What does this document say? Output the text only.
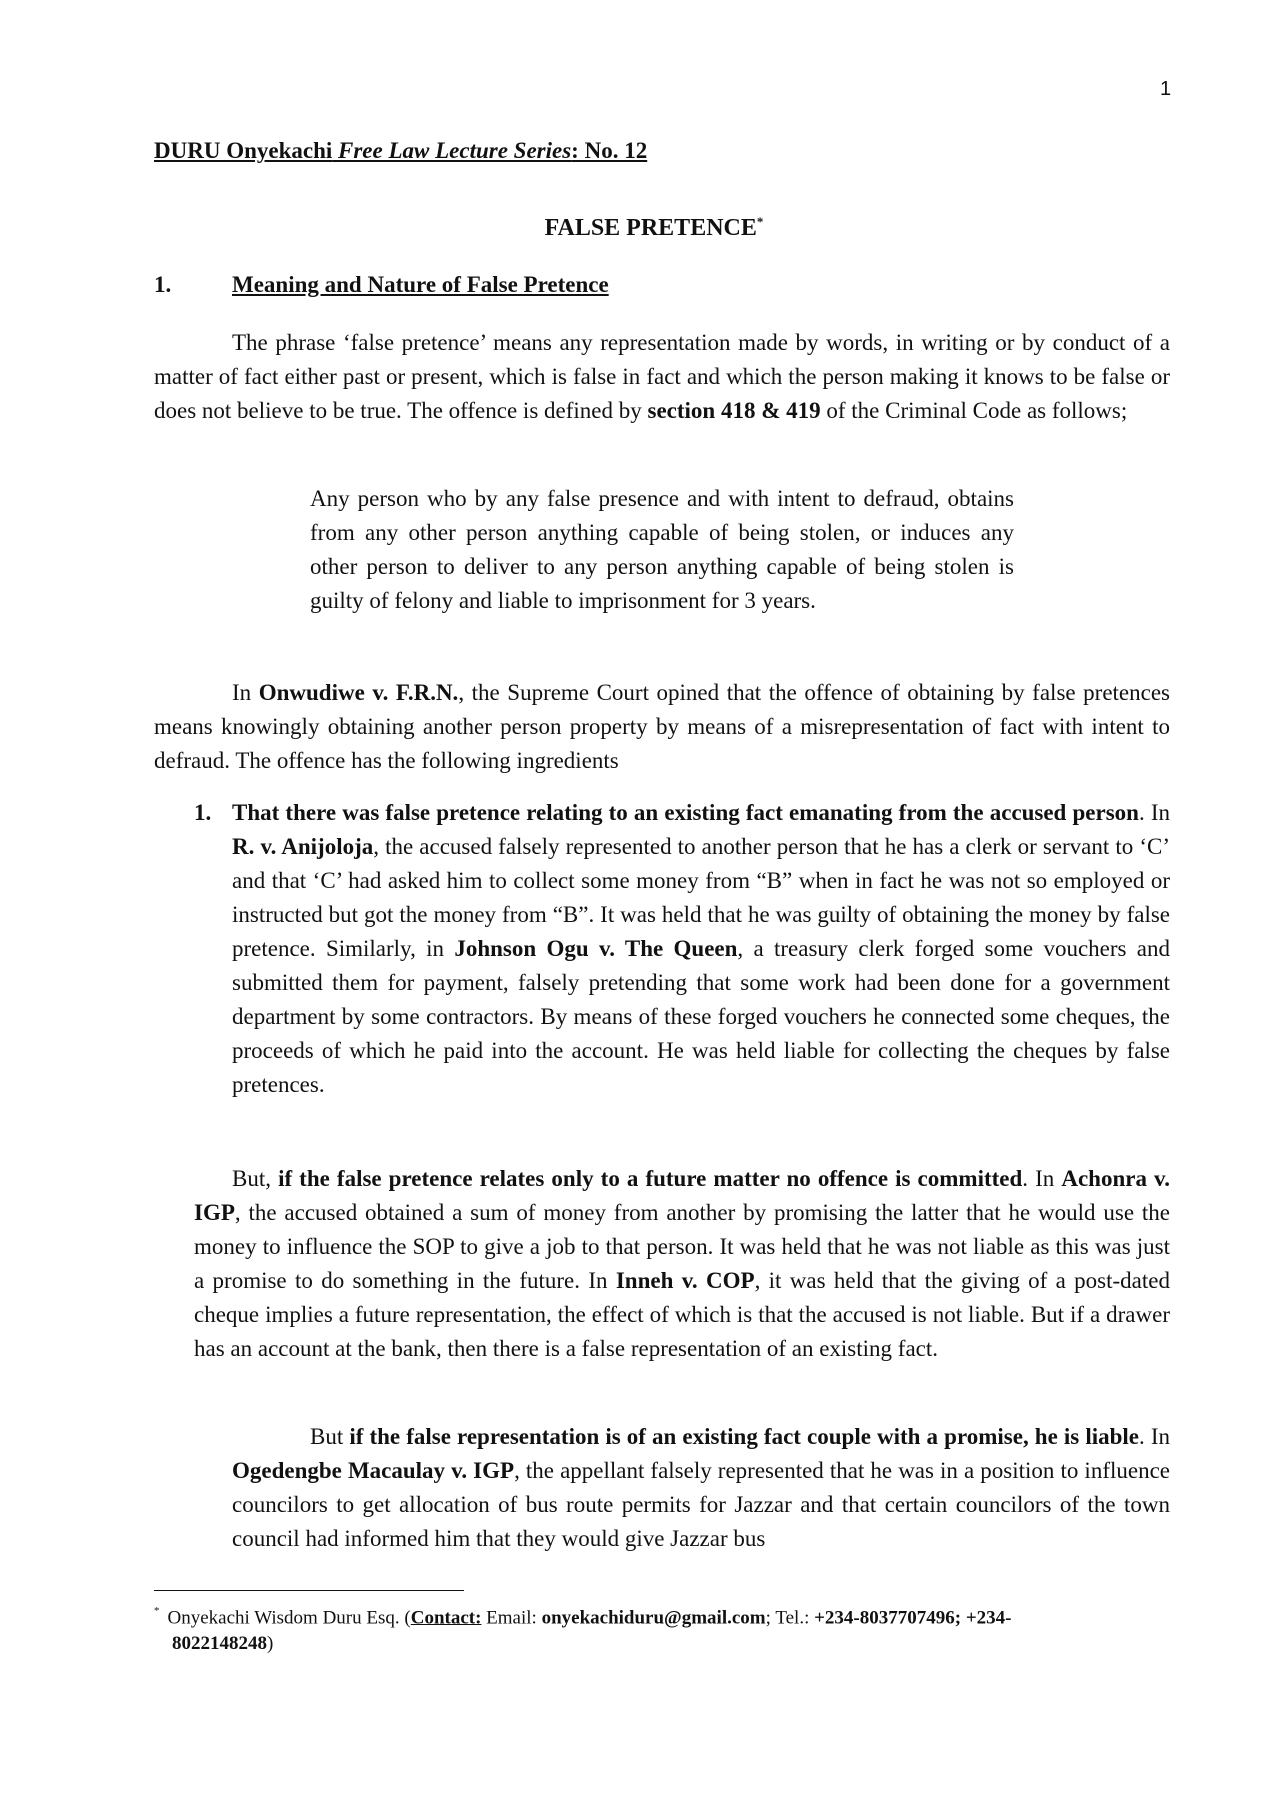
1

DURU Onyekachi Free Law Lecture Series: No. 12

FALSE PRETENCE*
1.	Meaning and Nature of False Pretence

The phrase ‘false pretence’ means any representation made by words, in writing or by conduct of a matter of fact either past or present, which is false in fact and which the person making it knows to be false or does not believe to be true. The offence is defined by section 418 & 419 of the Criminal Code as follows;

Any person who by any false presence and with intent to defraud, obtains from any other person anything capable of being stolen, or induces any other person to deliver to any person anything capable of being stolen is guilty of felony and liable to imprisonment for 3 years.

In Onwudiwe v. F.R.N., the Supreme Court opined that the offence of obtaining by false pretences means knowingly obtaining another person property by means of a misrepresentation of fact with intent to defraud. The offence has the following ingredients

1. That there was false pretence relating to an existing fact emanating from the accused person. In R. v. Anijoloja, the accused falsely represented to another person that he has a clerk or servant to ‘C’ and that ‘C’ had asked him to collect some money from “B” when in fact he was not so employed or instructed but got the money from “B”. It was held that he was guilty of obtaining the money by false pretence. Similarly, in Johnson Ogu v. The Queen, a treasury clerk forged some vouchers and submitted them for payment, falsely pretending that some work had been done for a government department by some contractors. By means of these forged vouchers he connected some cheques, the proceeds of which he paid into the account. He was held liable for collecting the cheques by false pretences.

But, if the false pretence relates only to a future matter no offence is committed. In Achonra v. IGP, the accused obtained a sum of money from another by promising the latter that he would use the money to influence the SOP to give a job to that person. It was held that he was not liable as this was just a promise to do something in the future. In Inneh v. COP, it was held that the giving of a post-dated cheque implies a future representation, the effect of which is that the accused is not liable. But if a drawer has an account at the bank, then there is a false representation of an existing fact.

But if the false representation is of an existing fact couple with a promise, he is liable. In Ogedengbe Macaulay v. IGP, the appellant falsely represented that he was in a position to influence councilors to get allocation of bus route permits for Jazzar and that certain councilors of the town council had informed him that they would give Jazzar bus

* Onyekachi Wisdom Duru Esq. (Contact: Email: onyekachiduru@gmail.com; Tel.: +234-8037707496; +234-
8022148248)
